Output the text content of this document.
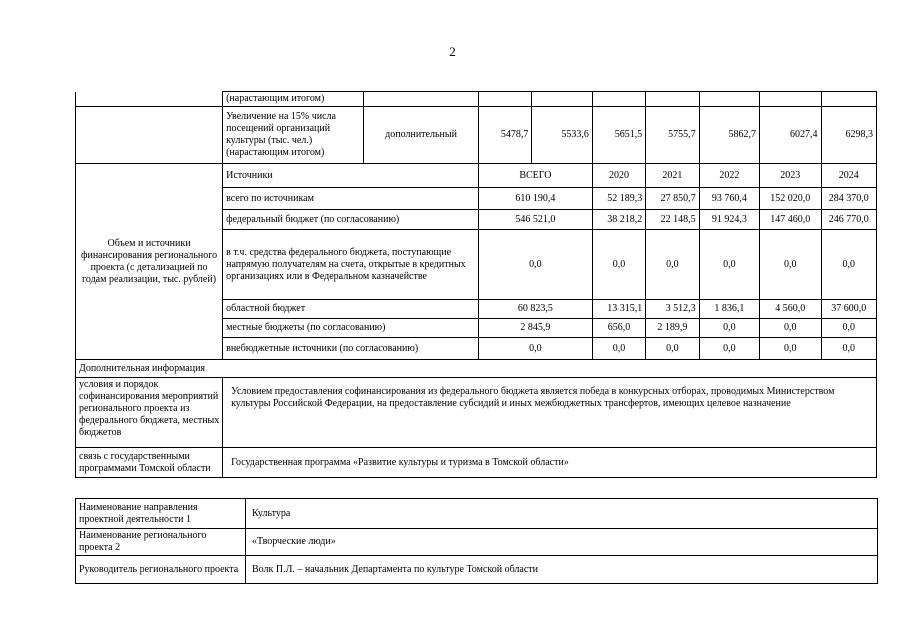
2
	(нарастающим итогом)								
	Увеличение на 15% числа посещений организаций культуры (тыс. чел.) (нарастающим итогом)	дополнительный	5478,7	5533,6	5651,5	5755,7	5862,7	6027,4	6298,3
Объем и источники финансирования регионального проекта (с детализацией по годам реализации, тыс. рублей)	Источники		ВСЕГО		2020	2021	2022	2023	2024
	всего по источникам		610 190,4		52 189,3	27 850,7	93 760,4	152 020,0	284 370,0
	федеральный бюджет (по согласованию)		546 521,0		38 218,2	22 148,5	91 924,3	147 460,0	246 770,0
	в т.ч. средства федерального бюджета, поступающие напрямую получателям на счета, открытые в кредитных организациях или в Федеральном казначействе		0,0		0,0	0,0	0,0	0,0	0,0
	областной бюджет		60 823,5		13 315,1	3 512,3	1 836,1	4 560,0	37 600,0
	местные бюджеты (по согласованию)		2 845,9		656,0	2 189,9	0,0	0,0	0,0
	внебюджетные источники (по согласованию)		0,0		0,0	0,0	0,0	0,0	0,0
Дополнительная информация									
условия и порядок софинансирования мероприятий регионального проекта из федерального бюджета, местных бюджетов	Условием предоставления софинансирования из федерального бюджета является победа в конкурсных отборах, проводимых Министерством культуры Российской Федерации, на предоставление субсидий и иных межбюджетных трансфертов, имеющих целевое назначение								
связь с государственными программами Томской области	Государственная программа «Развитие культуры и туризма в Томской области»								
Наименование направления проектной деятельности 1	Культура
Наименование регионального проекта 2	«Творческие люди»
Руководитель регионального проекта	Волк П.Л. – начальник Департамента по культуре Томской области
